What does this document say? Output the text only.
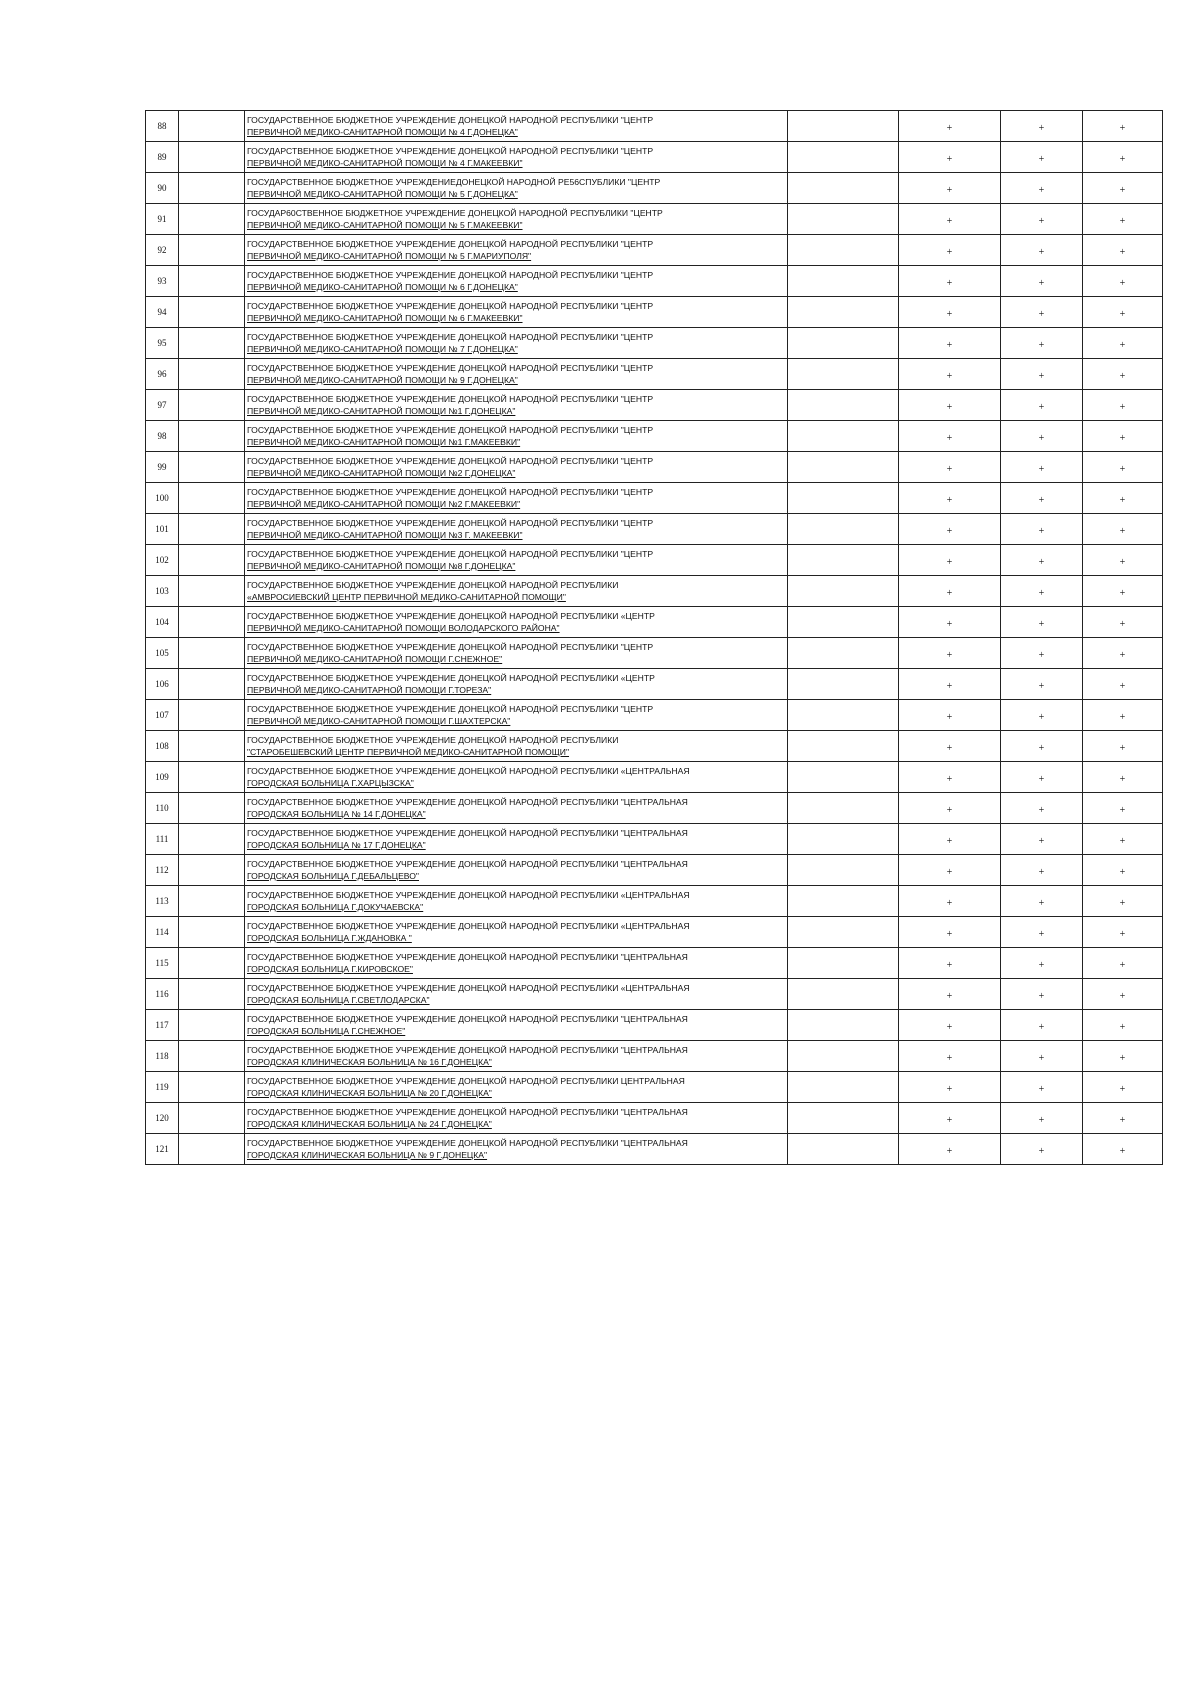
88		ГОСУДАРСТВЕННОЕ БЮДЖЕТНОЕ УЧРЕЖДЕНИЕ ДОНЕЦКОЙ НАРОДНОЙ РЕСПУБЛИКИ "ЦЕНТР
ПЕРВИЧНОЙ МЕДИКО-САНИТАРНОЙ ПОМОЩИ № 4 Г.ДОНЕЦКА"		+	+	+
89		ГОСУДАРСТВЕННОЕ БЮДЖЕТНОЕ УЧРЕЖДЕНИЕ ДОНЕЦКОЙ НАРОДНОЙ РЕСПУБЛИКИ "ЦЕНТР
ПЕРВИЧНОЙ МЕДИКО-САНИТАРНОЙ ПОМОЩИ № 4 Г.МАКЕЕВКИ"		+	+	+
90		ГОСУДАРСТВЕННОЕ БЮДЖЕТНОЕ УЧРЕЖДЕНИЕДОНЕЦКОЙ НАРОДНОЙ РЕ56СПУБЛИКИ "ЦЕНТР
ПЕРВИЧНОЙ МЕДИКО-САНИТАРНОЙ ПОМОЩИ № 5 Г.ДОНЕЦКА"		+	+	+
91		ГОСУДАР60СТВЕННОЕ БЮДЖЕТНОЕ УЧРЕЖДЕНИЕ ДОНЕЦКОЙ НАРОДНОЙ РЕСПУБЛИКИ "ЦЕНТР
ПЕРВИЧНОЙ МЕДИКО-САНИТАРНОЙ ПОМОЩИ № 5 Г.МАКЕЕВКИ"		+	+	+
92		ГОСУДАРСТВЕННОЕ БЮДЖЕТНОЕ УЧРЕЖДЕНИЕ ДОНЕЦКОЙ НАРОДНОЙ РЕСПУБЛИКИ "ЦЕНТР
ПЕРВИЧНОЙ МЕДИКО-САНИТАРНОЙ ПОМОЩИ № 5 Г.МАРИУПОЛЯ"		+	+	+
93		ГОСУДАРСТВЕННОЕ БЮДЖЕТНОЕ УЧРЕЖДЕНИЕ ДОНЕЦКОЙ НАРОДНОЙ РЕСПУБЛИКИ "ЦЕНТР
ПЕРВИЧНОЙ МЕДИКО-САНИТАРНОЙ ПОМОЩИ № 6 Г.ДОНЕЦКА"		+	+	+
94		ГОСУДАРСТВЕННОЕ БЮДЖЕТНОЕ УЧРЕЖДЕНИЕ ДОНЕЦКОЙ НАРОДНОЙ РЕСПУБЛИКИ "ЦЕНТР
ПЕРВИЧНОЙ МЕДИКО-САНИТАРНОЙ ПОМОЩИ № 6 Г.МАКЕЕВКИ"		+	+	+
95		ГОСУДАРСТВЕННОЕ БЮДЖЕТНОЕ УЧРЕЖДЕНИЕ ДОНЕЦКОЙ НАРОДНОЙ РЕСПУБЛИКИ "ЦЕНТР
ПЕРВИЧНОЙ МЕДИКО-САНИТАРНОЙ ПОМОЩИ № 7 Г.ДОНЕЦКА"		+	+	+
96		ГОСУДАРСТВЕННОЕ БЮДЖЕТНОЕ УЧРЕЖДЕНИЕ ДОНЕЦКОЙ НАРОДНОЙ РЕСПУБЛИКИ "ЦЕНТР
ПЕРВИЧНОЙ МЕДИКО-САНИТАРНОЙ ПОМОЩИ № 9 Г.ДОНЕЦКА"		+	+	+
97		ГОСУДАРСТВЕННОЕ БЮДЖЕТНОЕ УЧРЕЖДЕНИЕ ДОНЕЦКОЙ НАРОДНОЙ РЕСПУБЛИКИ "ЦЕНТР
ПЕРВИЧНОЙ МЕДИКО-САНИТАРНОЙ ПОМОЩИ №1 Г.ДОНЕЦКА"		+	+	+
98		ГОСУДАРСТВЕННОЕ БЮДЖЕТНОЕ УЧРЕЖДЕНИЕ ДОНЕЦКОЙ НАРОДНОЙ РЕСПУБЛИКИ "ЦЕНТР
ПЕРВИЧНОЙ МЕДИКО-САНИТАРНОЙ ПОМОЩИ №1 Г.МАКЕЕВКИ"		+	+	+
99		ГОСУДАРСТВЕННОЕ БЮДЖЕТНОЕ УЧРЕЖДЕНИЕ ДОНЕЦКОЙ НАРОДНОЙ РЕСПУБЛИКИ "ЦЕНТР
ПЕРВИЧНОЙ МЕДИКО-САНИТАРНОЙ ПОМОЩИ №2 Г.ДОНЕЦКА"		+	+	+
100		ГОСУДАРСТВЕННОЕ БЮДЖЕТНОЕ УЧРЕЖДЕНИЕ ДОНЕЦКОЙ НАРОДНОЙ РЕСПУБЛИКИ "ЦЕНТР
ПЕРВИЧНОЙ МЕДИКО-САНИТАРНОЙ ПОМОЩИ №2 Г.МАКЕЕВКИ"		+	+	+
101		ГОСУДАРСТВЕННОЕ БЮДЖЕТНОЕ УЧРЕЖДЕНИЕ ДОНЕЦКОЙ НАРОДНОЙ РЕСПУБЛИКИ "ЦЕНТР
ПЕРВИЧНОЙ МЕДИКО-САНИТАРНОЙ ПОМОЩИ №3 Г. МАКЕЕВКИ"		+	+	+
102		ГОСУДАРСТВЕННОЕ БЮДЖЕТНОЕ УЧРЕЖДЕНИЕ ДОНЕЦКОЙ НАРОДНОЙ РЕСПУБЛИКИ "ЦЕНТР
ПЕРВИЧНОЙ МЕДИКО-САНИТАРНОЙ ПОМОЩИ №8 Г.ДОНЕЦКА"		+	+	+
103		ГОСУДАРСТВЕННОЕ БЮДЖЕТНОЕ УЧРЕЖДЕНИЕ ДОНЕЦКОЙ НАРОДНОЙ РЕСПУБЛИКИ
«АМВРОСИЕВСКИЙ ЦЕНТР ПЕРВИЧНОЙ МЕДИКО-САНИТАРНОЙ ПОМОЩИ"		+	+	+
104		ГОСУДАРСТВЕННОЕ БЮДЖЕТНОЕ УЧРЕЖДЕНИЕ ДОНЕЦКОЙ НАРОДНОЙ РЕСПУБЛИКИ «ЦЕНТР
ПЕРВИЧНОЙ МЕДИКО-САНИТАРНОЙ ПОМОЩИ ВОЛОДАРСКОГО РАЙОНА"		+	+	+
105		ГОСУДАРСТВЕННОЕ БЮДЖЕТНОЕ УЧРЕЖДЕНИЕ ДОНЕЦКОЙ НАРОДНОЙ РЕСПУБЛИКИ "ЦЕНТР
ПЕРВИЧНОЙ МЕДИКО-САНИТАРНОЙ ПОМОЩИ Г.СНЕЖНОЕ"		+	+	+
106		ГОСУДАРСТВЕННОЕ БЮДЖЕТНОЕ УЧРЕЖДЕНИЕ ДОНЕЦКОЙ НАРОДНОЙ РЕСПУБЛИКИ «ЦЕНТР
ПЕРВИЧНОЙ МЕДИКО-САНИТАРНОЙ ПОМОЩИ Г.ТОРЕЗА"		+	+	+
107		ГОСУДАРСТВЕННОЕ БЮДЖЕТНОЕ УЧРЕЖДЕНИЕ ДОНЕЦКОЙ НАРОДНОЙ РЕСПУБЛИКИ "ЦЕНТР
ПЕРВИЧНОЙ МЕДИКО-САНИТАРНОЙ ПОМОЩИ Г.ШАХТЕРСКА"		+	+	+
108		ГОСУДАРСТВЕННОЕ БЮДЖЕТНОЕ УЧРЕЖДЕНИЕ ДОНЕЦКОЙ НАРОДНОЙ РЕСПУБЛИКИ
"СТАРОБЕШЕВСКИЙ ЦЕНТР ПЕРВИЧНОЙ МЕДИКО-САНИТАРНОЙ ПОМОЩИ"		+	+	+
109		ГОСУДАРСТВЕННОЕ БЮДЖЕТНОЕ УЧРЕЖДЕНИЕ ДОНЕЦКОЙ НАРОДНОЙ РЕСПУБЛИКИ «ЦЕНТРАЛЬНАЯ
ГОРОДСКАЯ БОЛЬНИЦА Г.ХАРЦЫЗСКА"		+	+	+
110		ГОСУДАРСТВЕННОЕ БЮДЖЕТНОЕ УЧРЕЖДЕНИЕ ДОНЕЦКОЙ НАРОДНОЙ РЕСПУБЛИКИ "ЦЕНТРАЛЬНАЯ
ГОРОДСКАЯ БОЛЬНИЦА № 14 Г.ДОНЕЦКА"		+	+	+
111		ГОСУДАРСТВЕННОЕ БЮДЖЕТНОЕ УЧРЕЖДЕНИЕ ДОНЕЦКОЙ НАРОДНОЙ РЕСПУБЛИКИ "ЦЕНТРАЛЬНАЯ
ГОРОДСКАЯ БОЛЬНИЦА № 17 Г.ДОНЕЦКА"		+	+	+
112		ГОСУДАРСТВЕННОЕ БЮДЖЕТНОЕ УЧРЕЖДЕНИЕ ДОНЕЦКОЙ НАРОДНОЙ РЕСПУБЛИКИ "ЦЕНТРАЛЬНАЯ
ГОРОДСКАЯ БОЛЬНИЦА Г.ДЕБАЛЬЦЕВО"		+	+	+
113		ГОСУДАРСТВЕННОЕ БЮДЖЕТНОЕ УЧРЕЖДЕНИЕ ДОНЕЦКОЙ НАРОДНОЙ РЕСПУБЛИКИ «ЦЕНТРАЛЬНАЯ
ГОРОДСКАЯ БОЛЬНИЦА Г.ДОКУЧАЕВСКА"		+	+	+
114		ГОСУДАРСТВЕННОЕ БЮДЖЕТНОЕ УЧРЕЖДЕНИЕ ДОНЕЦКОЙ НАРОДНОЙ РЕСПУБЛИКИ «ЦЕНТРАЛЬНАЯ
ГОРОДСКАЯ БОЛЬНИЦА Г.ЖДАНОВКА "		+	+	+
115		ГОСУДАРСТВЕННОЕ БЮДЖЕТНОЕ УЧРЕЖДЕНИЕ ДОНЕЦКОЙ НАРОДНОЙ РЕСПУБЛИКИ "ЦЕНТРАЛЬНАЯ
ГОРОДСКАЯ БОЛЬНИЦА Г.КИРОВСКОЕ"		+	+	+
116		ГОСУДАРСТВЕННОЕ БЮДЖЕТНОЕ УЧРЕЖДЕНИЕ ДОНЕЦКОЙ НАРОДНОЙ РЕСПУБЛИКИ «ЦЕНТРАЛЬНАЯ
ГОРОДСКАЯ БОЛЬНИЦА Г.СВЕТЛОДАРСКА"		+	+	+
117		ГОСУДАРСТВЕННОЕ БЮДЖЕТНОЕ УЧРЕЖДЕНИЕ ДОНЕЦКОЙ НАРОДНОЙ РЕСПУБЛИКИ "ЦЕНТРАЛЬНАЯ
ГОРОДСКАЯ БОЛЬНИЦА Г.СНЕЖНОЕ"		+	+	+
118		ГОСУДАРСТВЕННОЕ БЮДЖЕТНОЕ УЧРЕЖДЕНИЕ ДОНЕЦКОЙ НАРОДНОЙ РЕСПУБЛИКИ "ЦЕНТРАЛЬНАЯ
ГОРОДСКАЯ КЛИНИЧЕСКАЯ БОЛЬНИЦА № 16 Г.ДОНЕЦКА"		+	+	+
119		ГОСУДАРСТВЕННОЕ БЮДЖЕТНОЕ УЧРЕЖДЕНИЕ ДОНЕЦКОЙ НАРОДНОЙ РЕСПУБЛИКИ ЦЕНТРАЛЬНАЯ
ГОРОДСКАЯ КЛИНИЧЕСКАЯ БОЛЬНИЦА № 20 Г.ДОНЕЦКА"		+	+	+
120		ГОСУДАРСТВЕННОЕ БЮДЖЕТНОЕ УЧРЕЖДЕНИЕ ДОНЕЦКОЙ НАРОДНОЙ РЕСПУБЛИКИ "ЦЕНТРАЛЬНАЯ
ГОРОДСКАЯ КЛИНИЧЕСКАЯ БОЛЬНИЦА № 24 Г.ДОНЕЦКА"		+	+	+
121		ГОСУДАРСТВЕННОЕ БЮДЖЕТНОЕ УЧРЕЖДЕНИЕ ДОНЕЦКОЙ НАРОДНОЙ РЕСПУБЛИКИ "ЦЕНТРАЛЬНАЯ
ГОРОДСКАЯ КЛИНИЧЕСКАЯ БОЛЬНИЦА № 9 Г.ДОНЕЦКА"		+	+	+
